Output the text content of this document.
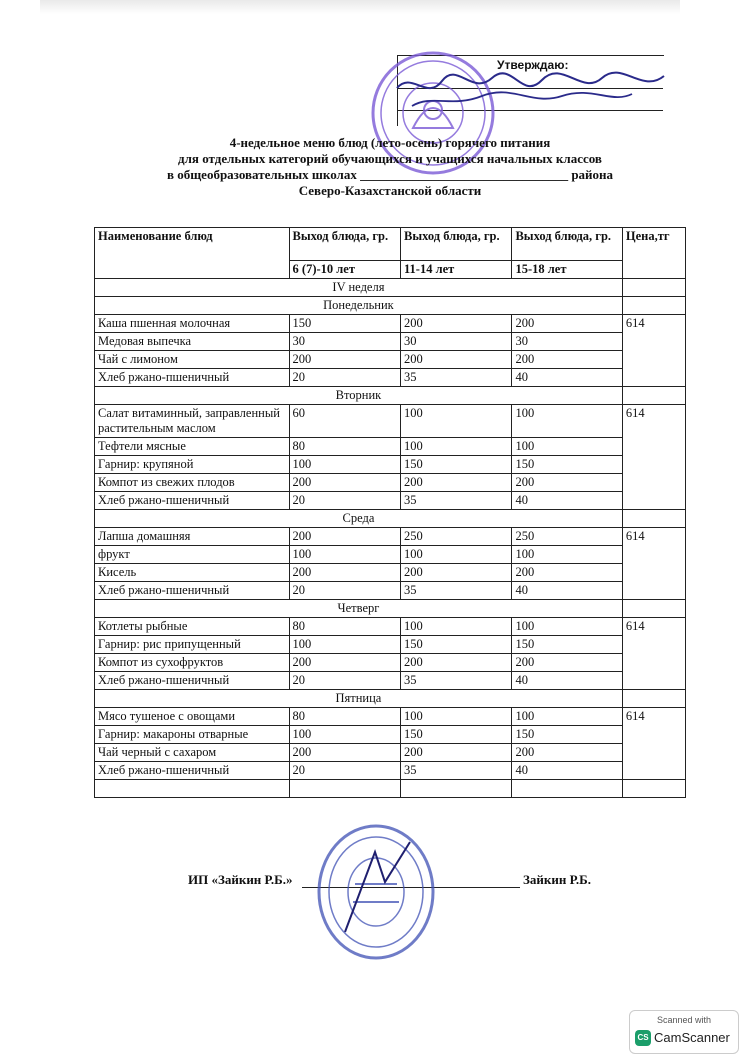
Утверждаю:
4-недельное меню блюд (лето-осень) горячего питания
для отдельных категорий обучающихся и учащихся начальных классов
в общеобразовательных школах ________________________________ района
Северо-Казахстанской области
Наименование блюд	Выход блюда, гр.	Выход блюда, гр.	Выход блюда, гр.	Цена,тг
	6 (7)-10 лет	11-14 лет	15-18 лет	
IV неделя				
Понедельник				
Каша пшенная молочная	150	200	200	614
Медовая выпечка	30	30	30	
Чай с лимоном	200	200	200	
Хлеб ржано-пшеничный	20	35	40	
Вторник				
Салат витаминный, заправленный растительным маслом	60	100	100	614
Тефтели мясные	80	100	100	
Гарнир: крупяной	100	150	150	
Компот из свежих плодов	200	200	200	
Хлеб ржано-пшеничный	20	35	40	
Среда				
Лапша домашняя	200	250	250	614
фрукт	100	100	100	
Кисель	200	200	200	
Хлеб ржано-пшеничный	20	35	40	
Четверг				
Котлеты рыбные	80	100	100	614
Гарнир: рис припущенный	100	150	150	
Компот из сухофруктов	200	200	200	
Хлеб ржано-пшеничный	20	35	40	
Пятница				
Мясо тушеное с овощами	80	100	100	614
Гарнир: макароны отварные	100	150	150	
Чай черный с сахаром	200	200	200	
Хлеб ржано-пшеничный	20	35	40	

ИП «Зайкин Р.Б.»	Зайкин Р.Б.
Scanned with
CS CamScanner
